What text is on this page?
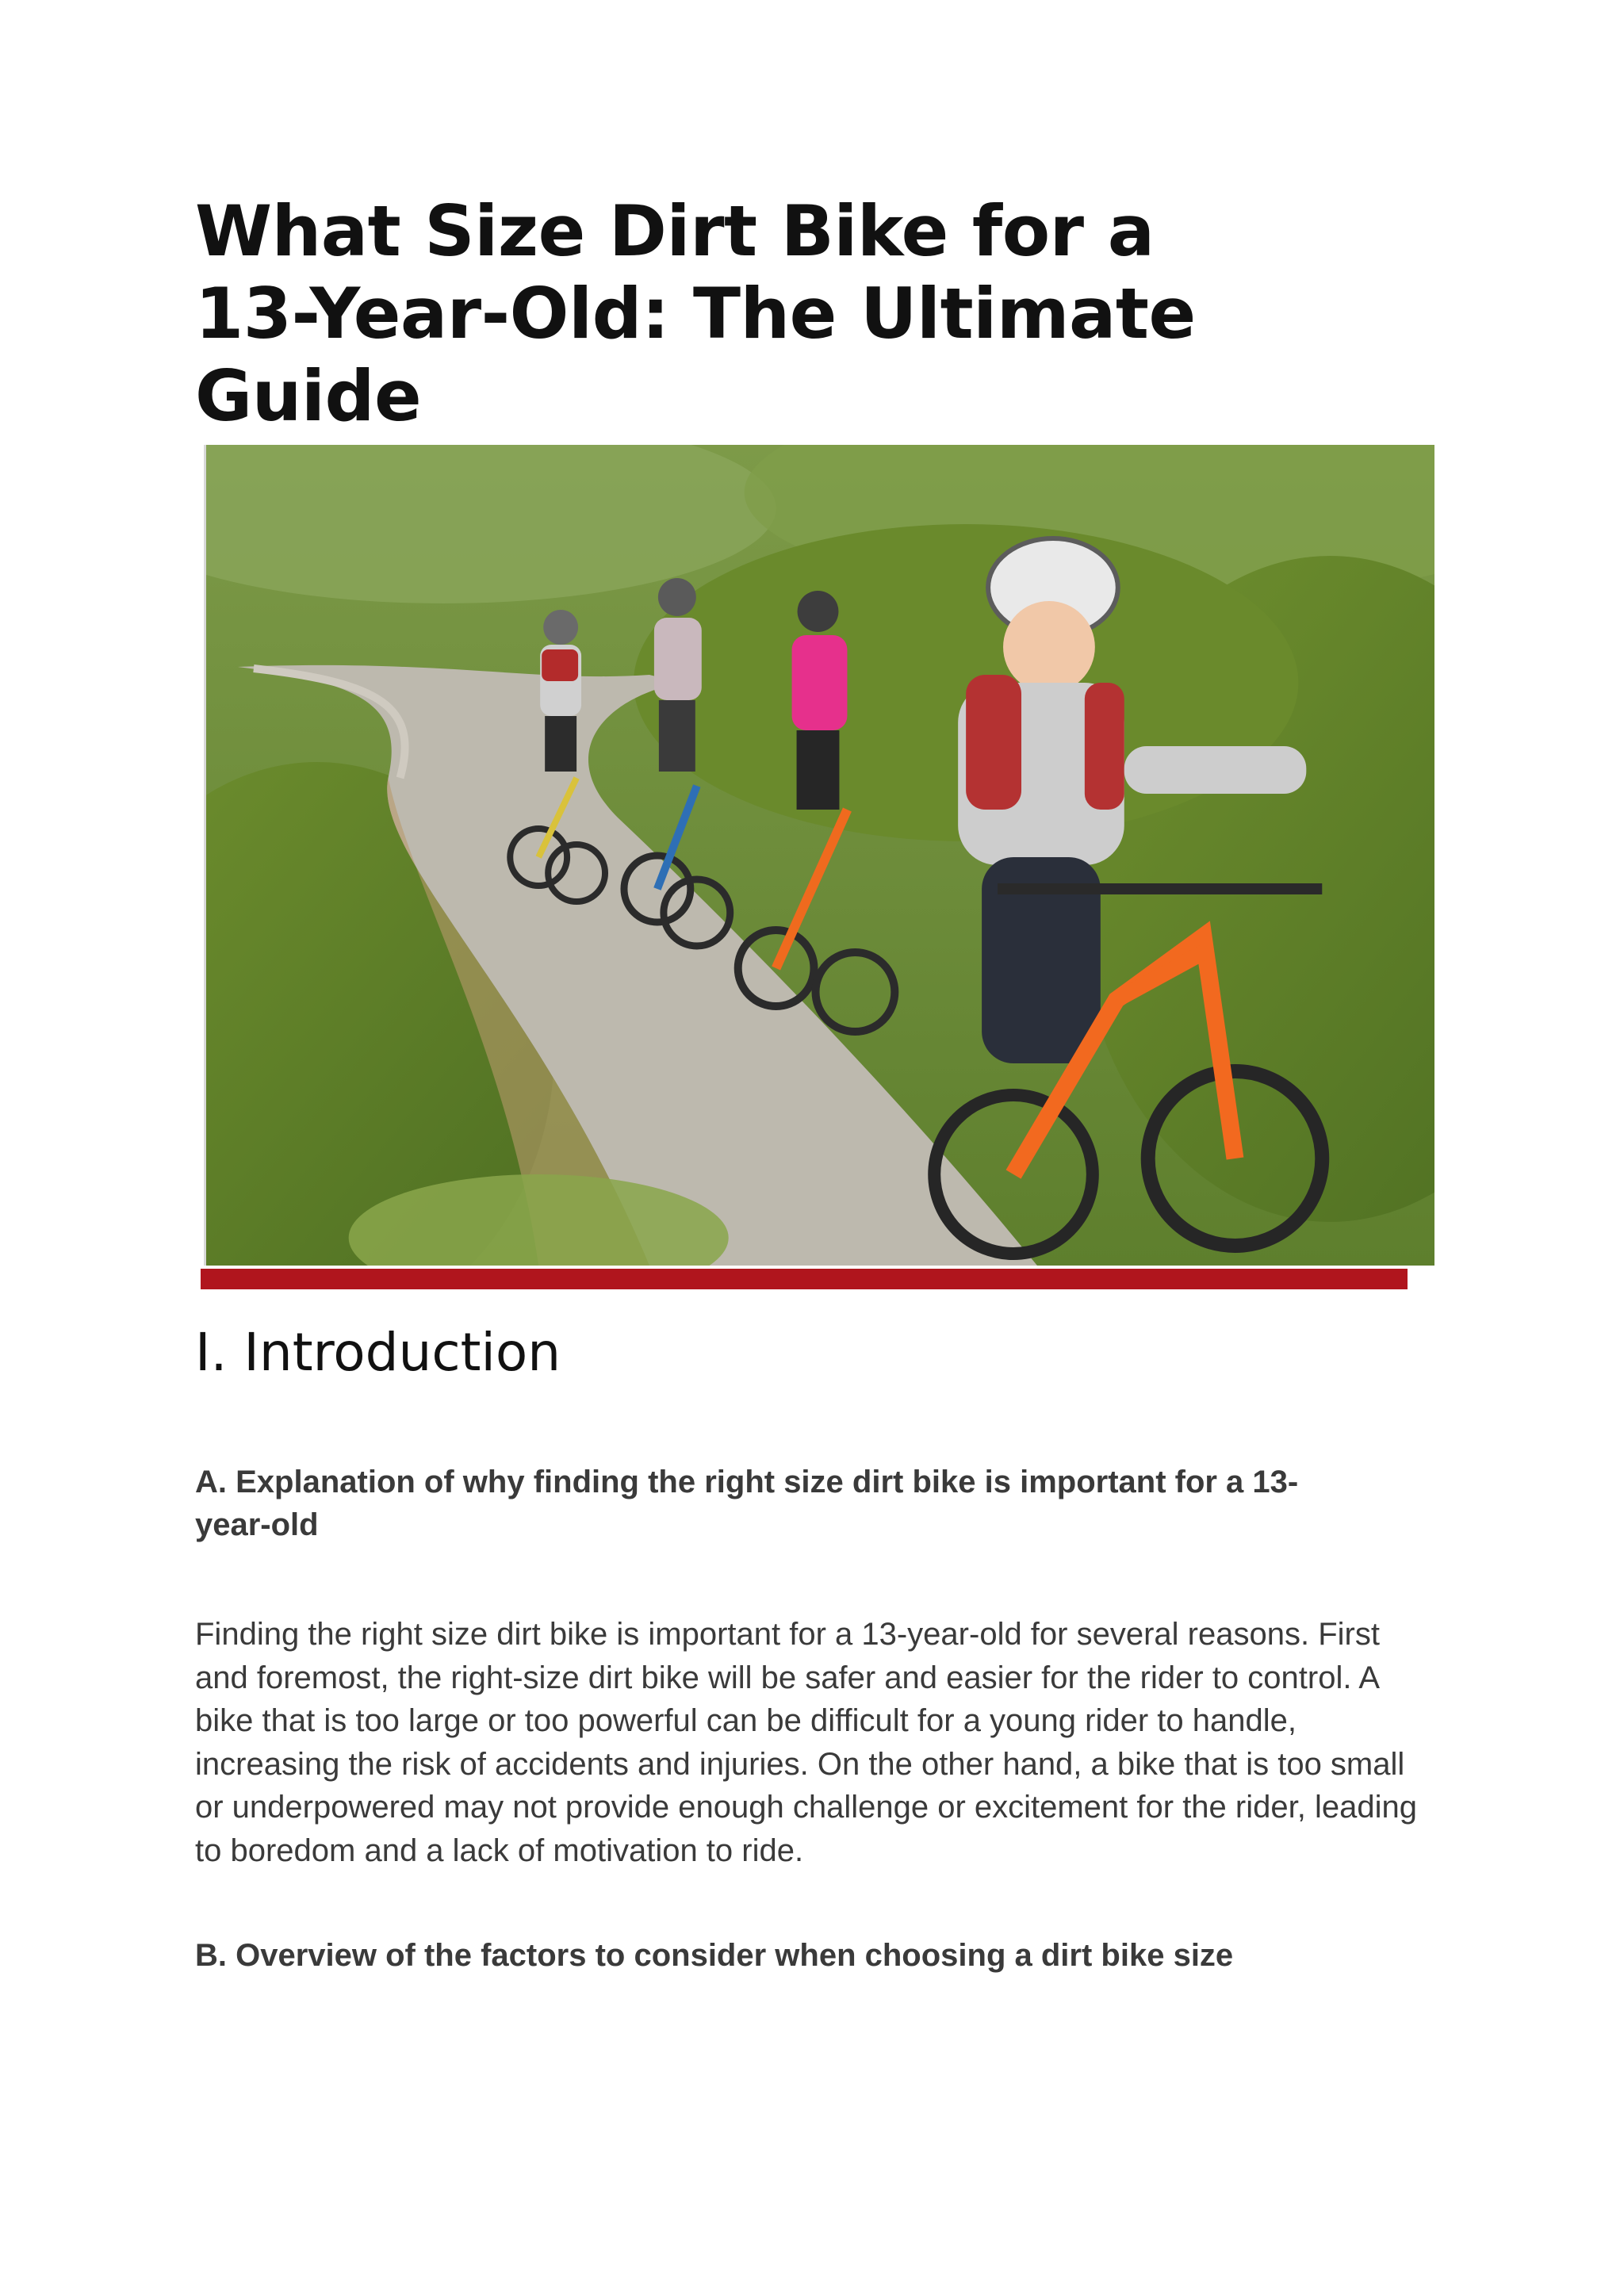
What Size Dirt Bike for a
13-Year-Old: The Ultimate Guide
I. Introduction
A. Explanation of why finding the right size dirt bike is important for a 13-year-old

Finding the right size dirt bike is important for a 13-year-old for several reasons. First and foremost, the right-size dirt bike will be safer and easier for the rider to control. A bike that is too large or too powerful can be difficult for a young rider to handle, increasing the risk of accidents and injuries. On the other hand, a bike that is too small or underpowered may not provide enough challenge or excitement for the rider, leading to boredom and a lack of motivation to ride.

B. Overview of the factors to consider when choosing a dirt bike size
